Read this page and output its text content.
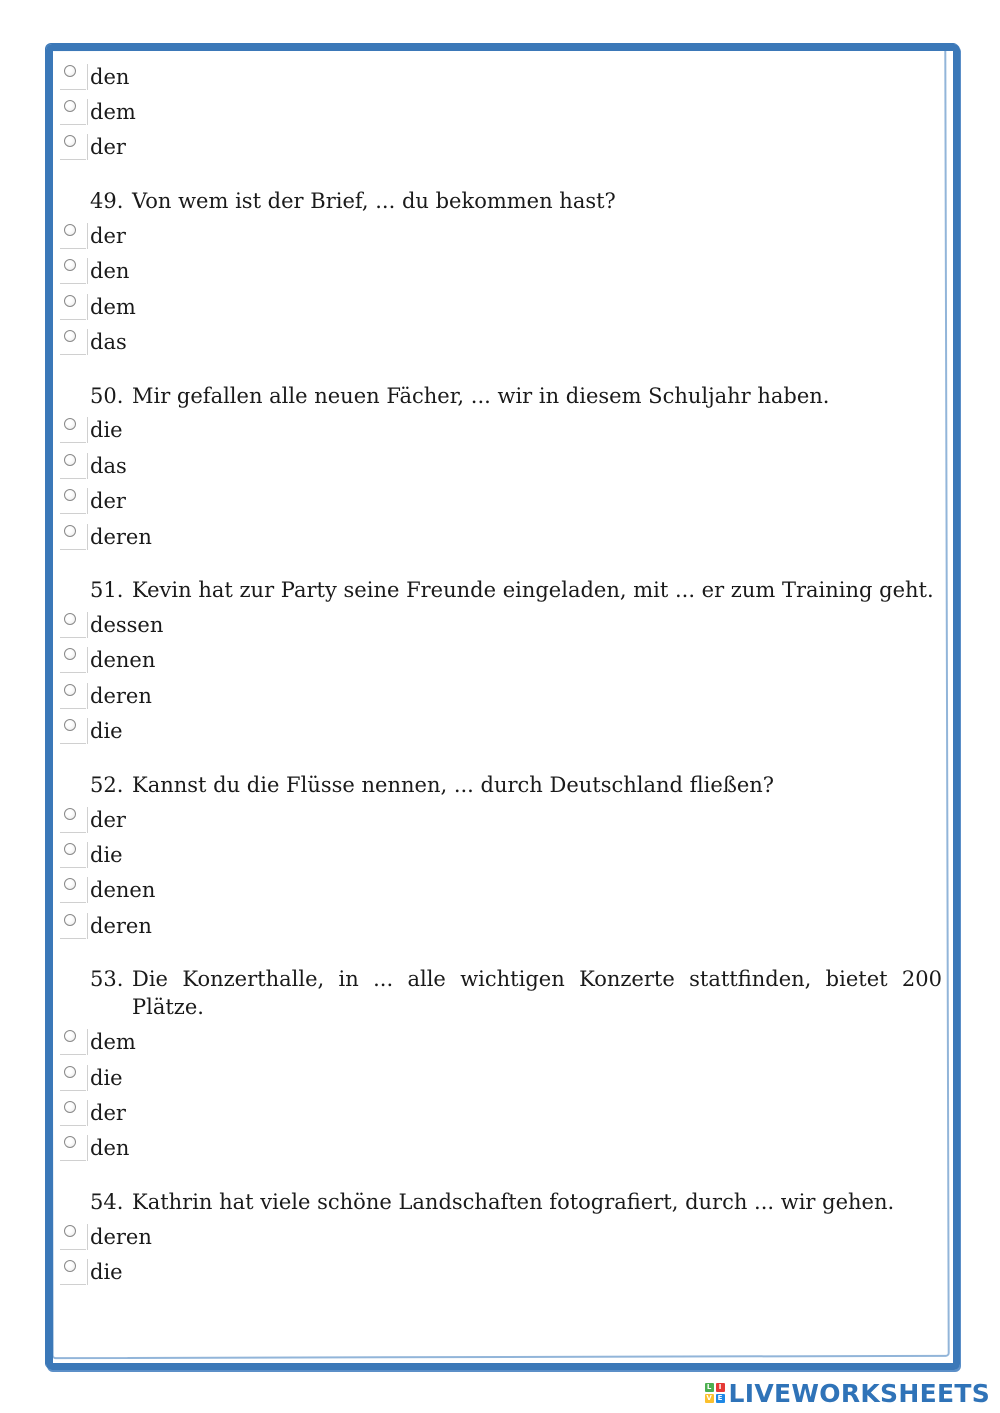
den
dem
der
49. Von wem ist der Brief, ... du bekommen hast?
der
den
dem
das
50. Mir gefallen alle neuen Fächer, ... wir in diesem Schuljahr haben.
die
das
der
deren
51. Kevin hat zur Party seine Freunde eingeladen, mit ... er zum Training geht.
dessen
denen
deren
die
52. Kannst du die Flüsse nennen, ... durch Deutschland fließen?
der
die
denen
deren
53. Die Konzerthalle, in ... alle wichtigen Konzerte stattfinden, bietet 200 Plätze.
dem
die
der
den
54. Kathrin hat viele schöne Landschaften fotografiert, durch ... wir gehen.
deren
die
L	I
V E LIVEWORKSHEETS
